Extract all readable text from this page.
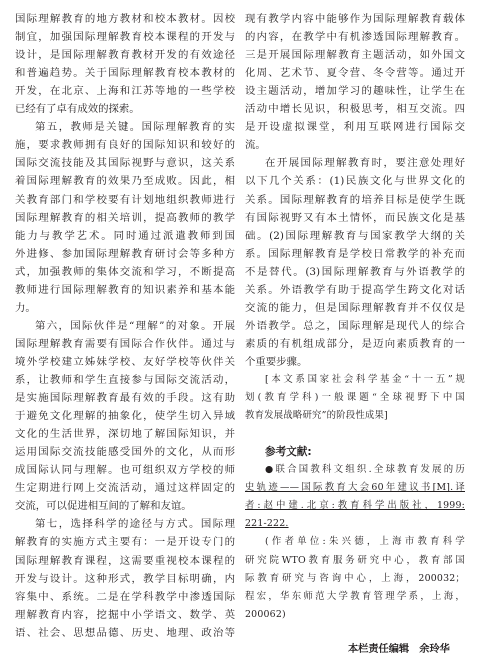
国际理解教育的地方教材和校本教材。因校
制宜，加强国际理解教育校本课程的开发与
设计，是国际理解教育教材开发的有效途径
和普遍趋势。关于国际理解教育校本教材的
开发，在北京、上海和江苏等地的一些学校
已经有了卓有成效的探索。
第五，教师是关键。国际理解教育的实
施，要求教师拥有良好的国际知识和较好的
国际交流技能及其国际视野与意识，这关系
着国际理解教育的效果乃至成败。因此，相
关教育部门和学校要有计划地组织教师进行
国际理解教育的相关培训，提高教师的教学
能力与教学艺术。同时通过派遣教师到国
外进修、参加国际理解教育研讨会等多种方
式，加强教师的集体交流和学习，不断提高
教师进行国际理解教育的知识素养和基本能
力。
第六，国际伙伴是“理解”的对象。开展
国际理解教育需要有国际合作伙伴。通过与
境外学校建立姊妹学校、友好学校等伙伴关
系，让教师和学生直接参与国际交流活动，
是实施国际理解教育最有效的手段。这有助
于避免文化理解的抽象化，使学生切入异域
文化的生活世界，深切地了解国际知识，并
运用国际交流技能感受国外的文化，从而形
成国际认同与理解。也可组织双方学校的师
生定期进行网上交流活动，通过这样固定的
交流，可以促进相互间的了解和友谊。
第七，选择科学的途径与方式。国际理
解教育的实施方式主要有：一是开设专门的
国际理解教育课程，这需要重视校本课程的
开发与设计。这种形式，教学目标明确，内
容集中、系统。二是在学科教学中渗透国际
理解教育内容，挖掘中小学语文、数学、英
语、社会、思想品德、历史、地理、政治等
现有教学内容中能够作为国际理解教育载体
的内容，在教学中有机渗透国际理解教育。
三是开展国际理解教育主题活动，如外国文
化周、艺术节、夏令营、冬令营等。通过开
设主题活动，增加学习的趣味性，让学生在
活动中增长见识，积极思考，相互交流。四
是开设虚拟课堂，利用互联网进行国际交
流。
在开展国际理解教育时，要注意处理好
以下几个关系：(1)民族文化与世界文化的
关系。国际理解教育的培养目标是使学生既
有国际视野又有本土情怀，而民族文化是基
础。(2)国际理解教育与国家教学大纲的关
系。国际理解教育是学校日常教学的补充而
不是替代。(3)国际理解教育与外语教学的
关系。外语教学有助于提高学生跨文化对话
交流的能力，但是国际理解教育并不仅仅是
外语教学。总之，国际理解是现代人的综合
素质的有机组成部分，是迈向素质教育的一
个重要步骤。
[本文系国家社会科学基金“十一五”规
划(教育学科)一般课题“全球视野下中国
教育发展战略研究”的阶段性成果]
参考文献:
●联合国教科文组织.全球教育发展的历
史轨迹——国际教育大会60年建议书[M].译
者:赵中建.北京:教育科学出版社，1999:
221-222.
(作者单位:朱兴德，上海市教育科学
研究院WTO教育服务研究中心，教育部国
际教育研究与咨询中心，上海，200032；
程宏，华东师范大学教育管理学系，上海，
200062)
本栏责任编辑　余玲华
